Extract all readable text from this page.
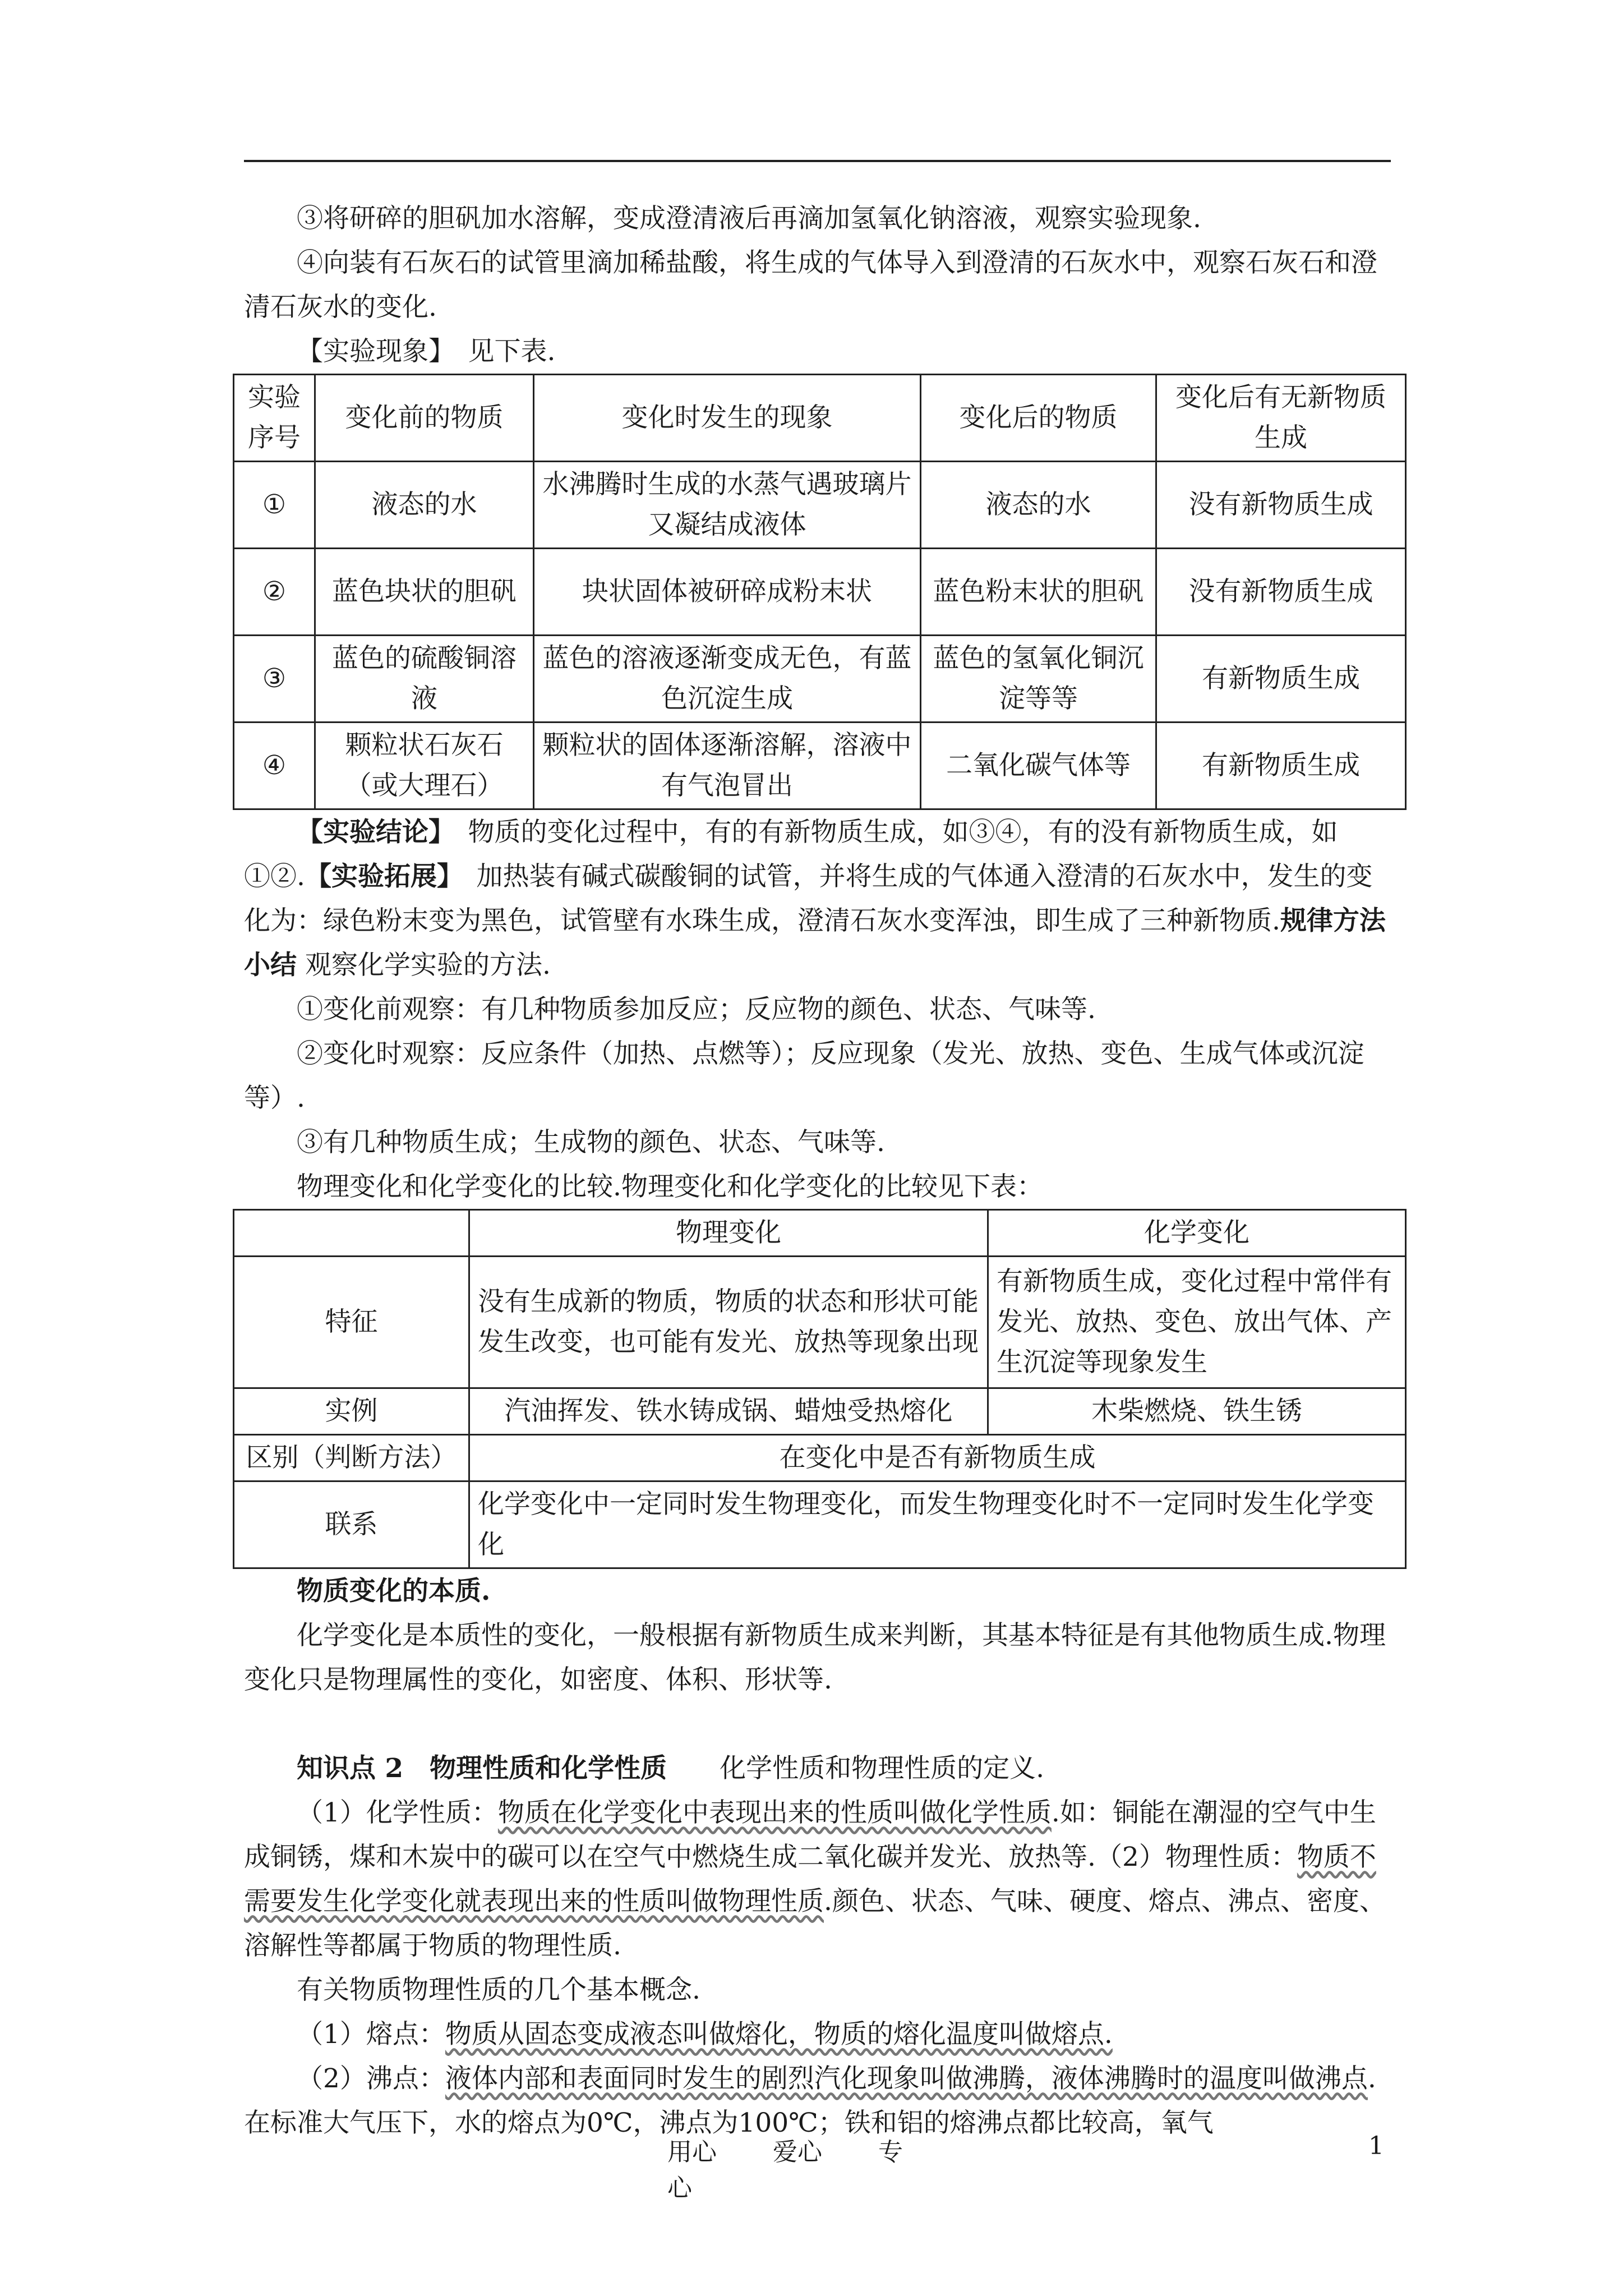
③将研碎的胆矾加水溶解，变成澄清液后再滴加氢氧化钠溶液，观察实验现象.

④向装有石灰石的试管里滴加稀盐酸，将生成的气体导入到澄清的石灰水中，观察石灰石和澄清石灰水的变化.

【实验现象】　见下表.

实验序号	变化前的物质	变化时发生的现象	变化后的物质	变化后有无新物质生成
①	液态的水	水沸腾时生成的水蒸气遇玻璃片又凝结成液体	液态的水	没有新物质生成
②	蓝色块状的胆矾	块状固体被研碎成粉末状	蓝色粉末状的胆矾	没有新物质生成
③	蓝色的硫酸铜溶液	蓝色的溶液逐渐变成无色，有蓝色沉淀生成	蓝色的氢氧化铜沉淀等等	有新物质生成
④	颗粒状石灰石（或大理石）	颗粒状的固体逐渐溶解，溶液中有气泡冒出	二氧化碳气体等	有新物质生成

【实验结论】　物质的变化过程中，有的有新物质生成，如③④，有的没有新物质生成，如①②.【实验拓展】　加热装有碱式碳酸铜的试管，并将生成的气体通入澄清的石灰水中，发生的变化为：绿色粉末变为黑色，试管壁有水珠生成，澄清石灰水变浑浊，即生成了三种新物质.规律方法小结 观察化学实验的方法.

①变化前观察：有几种物质参加反应；反应物的颜色、状态、气味等.

②变化时观察：反应条件（加热、点燃等）；反应现象（发光、放热、变色、生成气体或沉淀等）.

③有几种物质生成；生成物的颜色、状态、气味等.

物理变化和化学变化的比较.物理变化和化学变化的比较见下表：

	物理变化	化学变化
特征	没有生成新的物质，物质的状态和形状可能发生改变，也可能有发光、放热等现象出现	有新物质生成，变化过程中常伴有发光、放热、变色、放出气体、产生沉淀等现象发生
实例	汽油挥发、铁水铸成锅、蜡烛受热熔化	木柴燃烧、铁生锈
区别（判断方法）	在变化中是否有新物质生成	
联系	化学变化中一定同时发生物理变化，而发生物理变化时不一定同时发生化学变化	

物质变化的本质.

化学变化是本质性的变化，一般根据有新物质生成来判断，其基本特征是有其他物质生成.物理变化只是物理属性的变化，如密度、体积、形状等.

知识点 2　物理性质和化学性质　　化学性质和物理性质的定义.

（1）化学性质：物质在化学变化中表现出来的性质叫做化学性质.如：铜能在潮湿的空气中生成铜锈，煤和木炭中的碳可以在空气中燃烧生成二氧化碳并发光、放热等.（2）物理性质：物质不需要发生化学变化就表现出来的性质叫做物理性质.颜色、状态、气味、硬度、熔点、沸点、密度、溶解性等都属于物质的物理性质.

有关物质物理性质的几个基本概念.

（1）熔点：物质从固态变成液态叫做熔化，物质的熔化温度叫做熔点.

（2）沸点：液体内部和表面同时发生的剧烈汽化现象叫做沸腾，液体沸腾时的温度叫做沸点.在标准大气压下，水的熔点为0℃，沸点为100℃；铁和铝的熔沸点都比较高，氧气

用心 爱心 专心
1
